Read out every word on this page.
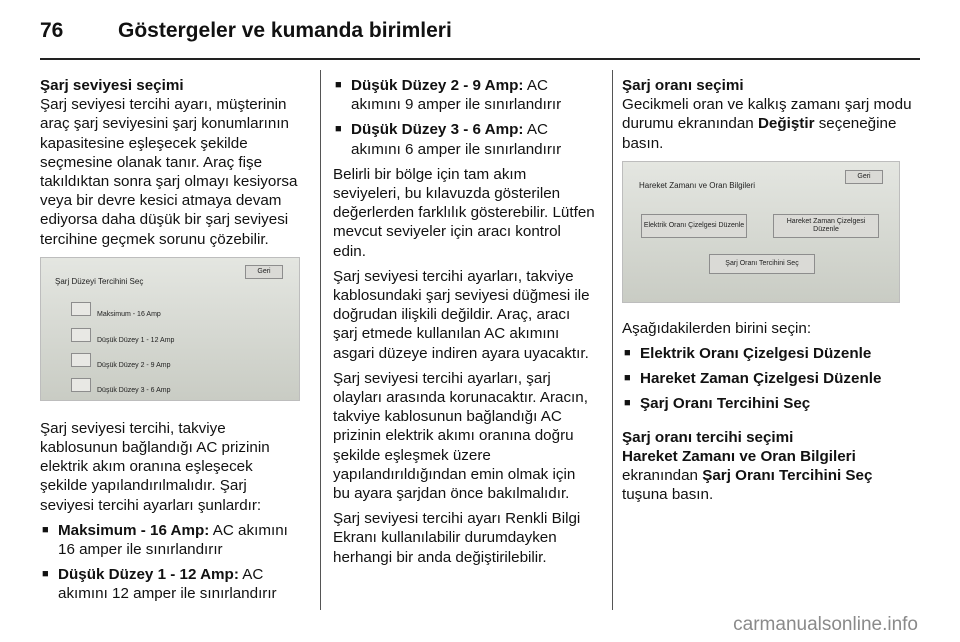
76	Göstergeler ve kumanda birimleri

Şarj seviyesi seçimi

Şarj seviyesi tercihi ayarı, müşterinin araç şarj seviyesini şarj konumlarının kapasitesine eşleşecek şekilde seçmesine olanak tanır. Araç fişe takıldıktan sonra şarj olmayı kesiyorsa veya bir devre kesici atmaya devam ediyorsa daha düşük bir şarj seviyesi tercihine geçmek sorunu çözebilir.

Şarj Düzeyi Tercihini Seç
Geri
Maksimum - 16 Amp
Düşük Düzey 1 - 12 Amp
Düşük Düzey 2 - 9 Amp
Düşük Düzey 3 - 6 Amp

Şarj seviyesi tercihi, takviye kablosunun bağlandığı AC prizinin elektrik akım oranına eşleşecek şekilde yapılandırılmalıdır. Şarj seviyesi tercihi ayarları şunlardır:

■
Maksimum - 16 Amp: AC akımını 16 amper ile sınırlandırır
■
Düşük Düzey 1 - 12 Amp: AC akımını 12 amper ile sınırlandırır
■
Düşük Düzey 2 - 9 Amp: AC akımını 9 amper ile sınırlandırır
■
Düşük Düzey 3 - 6 Amp: AC akımını 6 amper ile sınırlandırır

Belirli bir bölge için tam akım seviyeleri, bu kılavuzda gösterilen değerlerden farklılık gösterebilir. Lütfen mevcut seviyeler için aracı kontrol edin.

Şarj seviyesi tercihi ayarları, takviye kablosundaki şarj seviyesi düğmesi ile doğrudan ilişkili değildir. Araç, aracı şarj etmede kullanılan AC akımını asgari düzeye indiren ayara uyacaktır.

Şarj seviyesi tercihi ayarları, şarj olayları arasında korunacaktır. Aracın, takviye kablosunun bağlandığı AC prizinin elektrik akımı oranına doğru şekilde eşleşmek üzere yapılandırıldığından emin olmak için bu ayara şarjdan önce bakılmalıdır.

Şarj seviyesi tercihi ayarı Renkli Bilgi Ekranı kullanılabilir durumdayken herhangi bir anda değiştirilebilir.

Şarj oranı seçimi

Gecikmeli oran ve kalkış zamanı şarj modu durumu ekranından Değiştir seçeneğine basın.

Hareket Zamanı ve Oran Bilgileri
Geri
Elektrik Oranı Çizelgesi Düzenle
Hareket Zaman Çizelgesi Düzenle
Şarj Oranı Tercihini Seç

Aşağıdakilerden birini seçin:

■
Elektrik Oranı Çizelgesi Düzenle
■
Hareket Zaman Çizelgesi Düzenle
■
Şarj Oranı Tercihini Seç

Şarj oranı tercihi seçimi

Hareket Zamanı ve Oran Bilgileri

ekranından Şarj Oranı Tercihini Seç tuşuna basın.

carmanualsonline.info
